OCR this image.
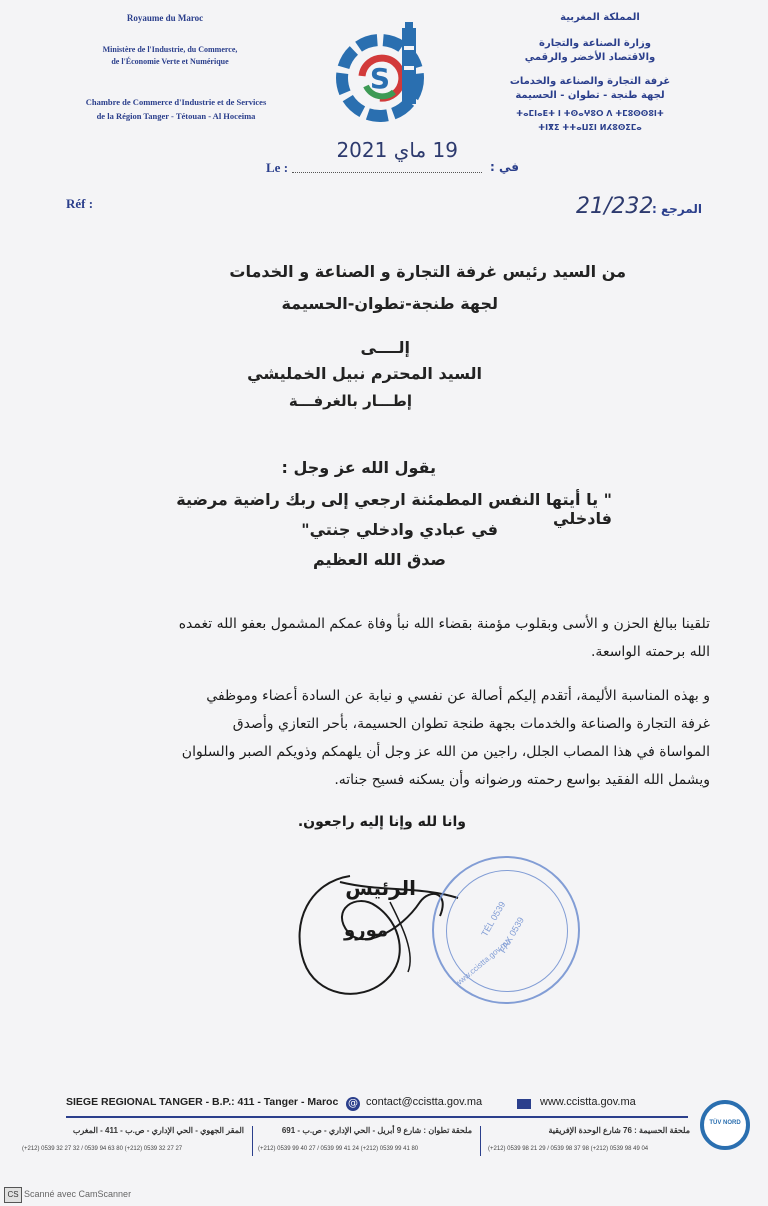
Royaume du Maroc
Ministère de l'Industrie, du Commerce,
de l'Économie Verte et Numérique
Chambre de Commerce d'Industrie et de Services
de la Région Tanger - Tétouan - Al Hoceima
S
المملكة المغربية
وزارة الصناعة والتجارة
والاقتصاد الأخضر والرقمي
غرفة التجارة والصناعة والخدمات
لجهة طنجة - تطوان - الحسيمة
ⵜⴰⵎⵏⴰⴹⵜ ⵏ ⵜⵙⴰⵖⵓⵔ ⴷ ⵜⵎⵓⵙⵙⵓⵏⵜ
ⵜⵏⴳⵉ ⵜⵜⴰⵡⵉⵏ ⵍⵃⵓⵙⵉⵎⴰ
Le :
19 ماي 2021
في :
Réf :	21/232
المرجع :
من السيد رئيس غرفة التجارة و الصناعة و الخدمات
لجهة طنجة-تطوان-الحسيمة
إلــــى
السيد المحترم نبيل الخمليشي
إطـــار بالغرفـــة
يقول الله عز وجل :
" يا أيتها النفس المطمئنة ارجعي إلى ربك راضية مرضية فادخلي
في عبادي وادخلي جنتي"
صدق الله العظيم
تلقينا ببالغ الحزن و الأسى وبقلوب مؤمنة بقضاء الله نبأ وفاة عمكم المشمول بعفو الله تغمده
الله برحمته الواسعة.
و بهذه المناسبة الأليمة، أتقدم إليكم أصالة عن نفسي و نيابة عن السادة أعضاء وموظفي
غرفة التجارة والصناعة والخدمات بجهة طنجة تطوان الحسيمة، بأحر التعازي وأصدق
المواساة في هذا المصاب الجلل، راجين من الله عز وجل أن يلهمكم وذويكم الصبر والسلوان
ويشمل الله الفقيد بواسع رحمته ورضوانه وأن يسكنه فسيح جناته.
وانا لله وإنا إليه راجعون.
الرئيس
مورو	TÉL 0539
FAX 0539
www.ccistta.gov.ma
SIEGE REGIONAL TANGER - B.P.: 411 - Tanger - Maroc @ contact@ccistta.gov.ma	www.ccistta.gov.ma
المقر الجهوي - الحي الإداري - ص.ب - 411 - المغرب
(+212) 0539 32 27 32 / 0539 94 63 80 (+212) 0539 32 27 27
ملحقة تطوان : شارع 9 أبريل - الحي الإداري - ص.ب - 691
(+212) 0539 99 40 27 / 0539 99 41 24 (+212) 0539 99 41 80
ملحقة الحسيمة : 76 شارع الوحدة الإفريقية
(+212) 0539 98 21 29 / 0539 98 37 98 (+212) 0539 98 49 04
TÜV NORD
CS Scanné avec CamScanner
